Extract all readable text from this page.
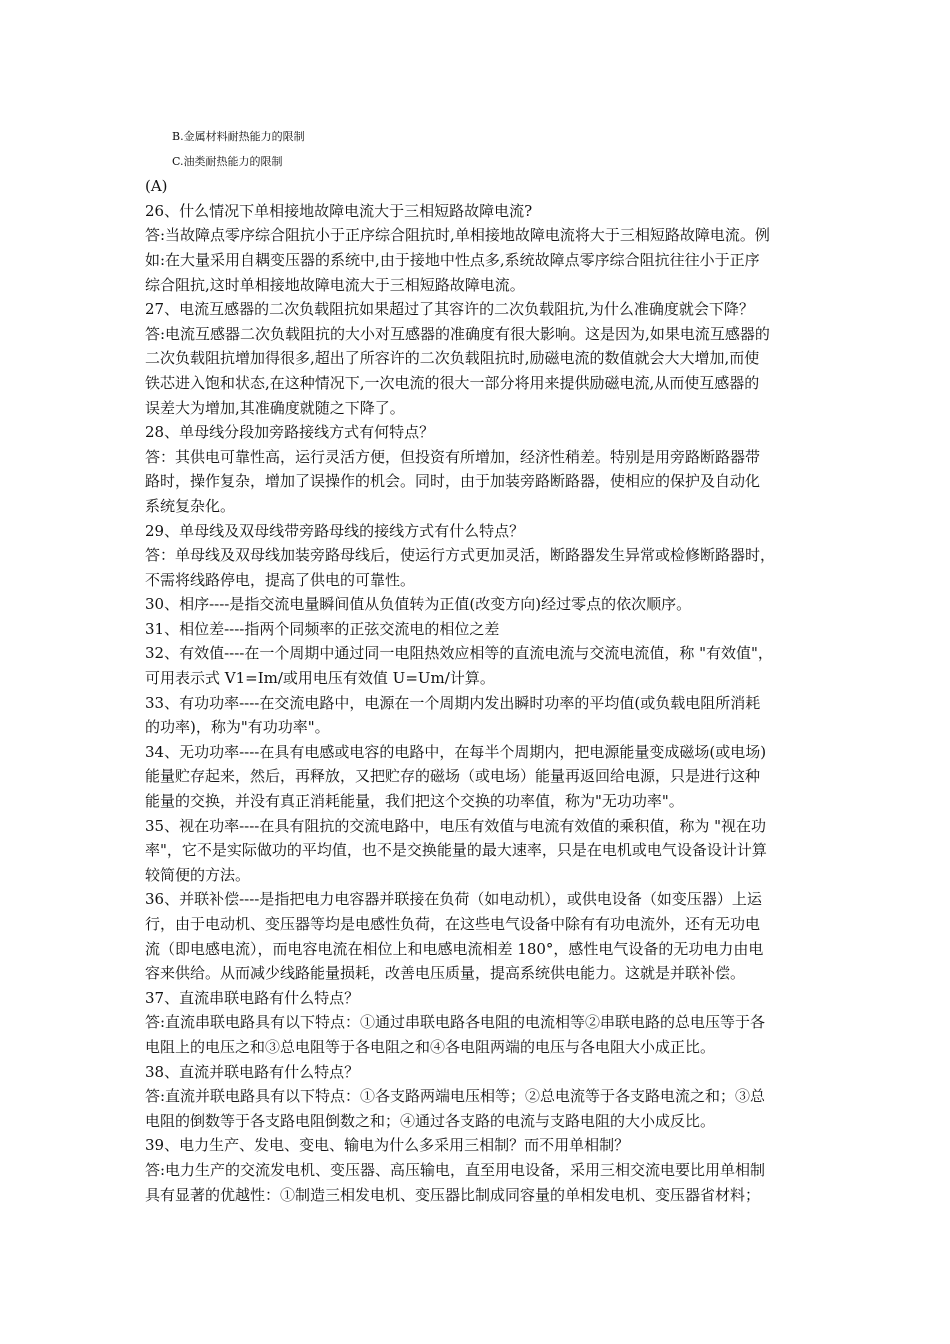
B.金属材料耐热能力的限制
C.油类耐热能力的限制
(A)
26、什么情况下单相接地故障电流大于三相短路故障电流?
答:当故障点零序综合阻抗小于正序综合阻抗时,单相接地故障电流将大于三相短路故障电流。例
如:在大量采用自耦变压器的系统中,由于接地中性点多,系统故障点零序综合阻抗往往小于正序
综合阻抗,这时单相接地故障电流大于三相短路故障电流。
27、电流互感器的二次负载阻抗如果超过了其容许的二次负载阻抗,为什么准确度就会下降？
答:电流互感器二次负载阻抗的大小对互感器的准确度有很大影响。这是因为,如果电流互感器的
二次负载阻抗增加得很多,超出了所容许的二次负载阻抗时,励磁电流的数值就会大大增加,而使
铁芯进入饱和状态,在这种情况下,一次电流的很大一部分将用来提供励磁电流,从而使互感器的
误差大为增加,其准确度就随之下降了。
28、单母线分段加旁路接线方式有何特点？
答：其供电可靠性高，运行灵活方便，但投资有所增加，经济性稍差。特别是用旁路断路器带
路时，操作复杂，增加了误操作的机会。同时，由于加装旁路断路器，使相应的保护及自动化
系统复杂化。
29、单母线及双母线带旁路母线的接线方式有什么特点？
答：单母线及双母线加装旁路母线后，使运行方式更加灵活，断路器发生异常或检修断路器时，
不需将线路停电，提高了供电的可靠性。
30、相序----是指交流电量瞬间值从负值转为正值(改变方向)经过零点的依次顺序。
31、相位差----指两个同频率的正弦交流电的相位之差
32、有效值----在一个周期中通过同一电阻热效应相等的直流电流与交流电流值，称 "有效值"，
可用表示式 V1=Im/或用电压有效值 U=Um/计算。
33、有功功率----在交流电路中，电源在一个周期内发出瞬时功率的平均值(或负载电阻所消耗
的功率)，称为"有功功率"。
34、无功功率----在具有电感或电容的电路中，在每半个周期内，把电源能量变成磁场(或电场)
能量贮存起来，然后，再释放，又把贮存的磁场（或电场）能量再返回给电源，只是进行这种
能量的交换，并没有真正消耗能量，我们把这个交换的功率值，称为"无功功率"。
35、视在功率----在具有阻抗的交流电路中，电压有效值与电流有效值的乘积值，称为 "视在功
率"，它不是实际做功的平均值，也不是交换能量的最大速率，只是在电机或电气设备设计计算
较简便的方法。
36、并联补偿----是指把电力电容器并联接在负荷（如电动机），或供电设备（如变压器）上运
行，由于电动机、变压器等均是电感性负荷，在这些电气设备中除有有功电流外，还有无功电
流（即电感电流），而电容电流在相位上和电感电流相差 180°，感性电气设备的无功电力由电
容来供给。从而减少线路能量损耗，改善电压质量，提高系统供电能力。这就是并联补偿。
37、直流串联电路有什么特点？
答:直流串联电路具有以下特点：①通过串联电路各电阻的电流相等②串联电路的总电压等于各
电阻上的电压之和③总电阻等于各电阻之和④各电阻两端的电压与各电阻大小成正比。
38、直流并联电路有什么特点？
答:直流并联电路具有以下特点：①各支路两端电压相等；②总电流等于各支路电流之和；③总
电阻的倒数等于各支路电阻倒数之和；④通过各支路的电流与支路电阻的大小成反比。
39、电力生产、发电、变电、输电为什么多采用三相制？而不用单相制？
答:电力生产的交流发电机、变压器、高压输电，直至用电设备，采用三相交流电要比用单相制
具有显著的优越性：①制造三相发电机、变压器比制成同容量的单相发电机、变压器省材料；
